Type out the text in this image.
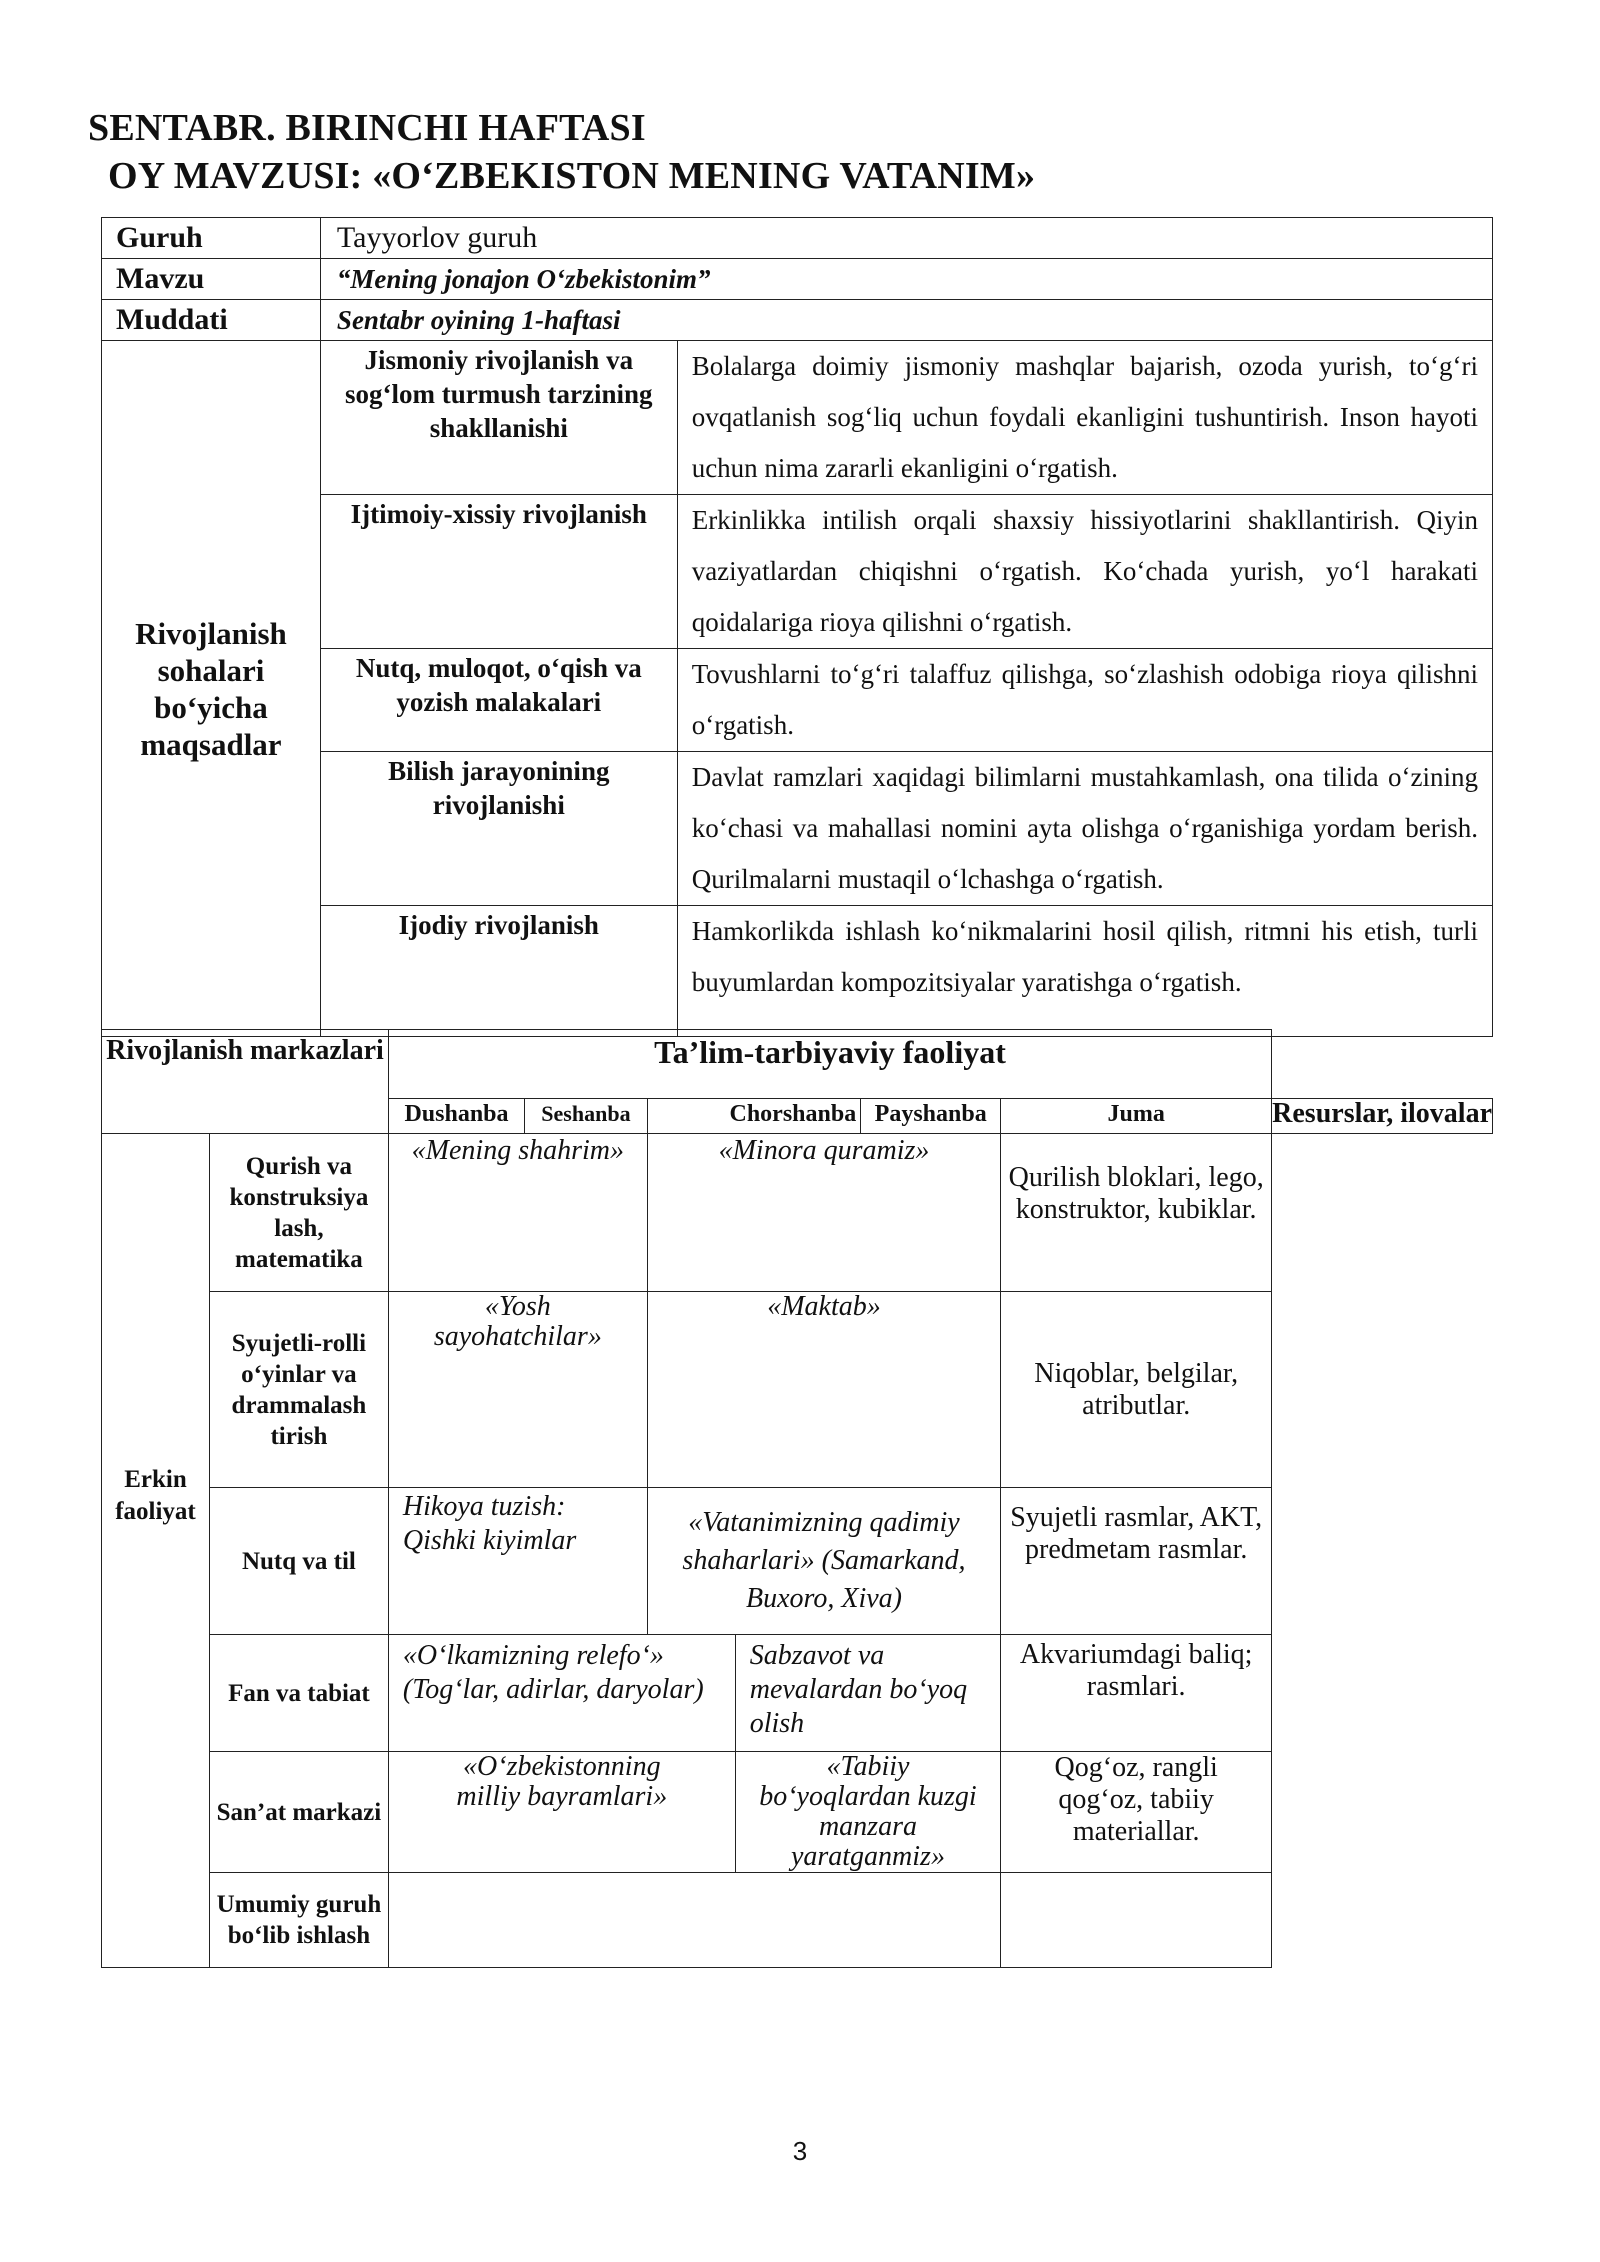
SENTABR. BIRINCHI HAFTASI
OY MAVZUSI: «O‘ZBEKISTON MENING VATANIM»
Guruh	Tayyorlov guruh	
Mavzu	“Mening jonajon O‘zbekistonim”	
Muddati	Sentabr oyining 1-haftasi	
Rivojlanish sohalari bo‘yicha maqsadlar	Jismoniy rivojlanish va sog‘lom turmush tarzining shakllanishi	Bolalarga doimiy jismoniy mashqlar bajarish, ozoda yurish, to‘g‘ri ovqatlanish sog‘liq uchun foydali ekanligini tushuntirish. Inson hayoti uchun nima zararli ekanligini o‘rgatish.
	Ijtimoiy-xissiy rivojlanish	Erkinlikka intilish orqali shaxsiy hissiyotlarini shakllantirish. Qiyin vaziyatlardan chiqishni o‘rgatish. Ko‘chada yurish, yo‘l harakati qoidalariga rioya qilishni o‘rgatish.
	Nutq, muloqot, o‘qish va yozish malakalari	Tovushlarni to‘g‘ri talaffuz qilishga, so‘zlashish odobiga rioya qilishni o‘rgatish.
	Bilish jarayonining rivojlanishi	Davlat ramzlari xaqidagi bilimlarni mustahkamlash, ona tilida o‘zining ko‘chasi va mahallasi nomini ayta olishga o‘rganishiga yordam berish. Qurilmalarni mustaqil o‘lchashga o‘rgatish.
	Ijodiy rivojlanish	Hamkorlikda ishlash ko‘nikmalarini hosil qilish, ritmni his etish, turli buyumlardan kompozitsiyalar yaratishga o‘rgatish.
Rivojlanish markazlari		Ta’lim-tarbiyaviy faoliyat						
		Dushanba	Seshanba	Chorshanba		Payshanba	Juma	Resurslar, ilovalar
Erkin faoliyat	Qurish va konstruksiya lash, matematika	«Mening shahrim»		«Minora quramiz»			Qurilish bloklari, lego, konstruktor, kubiklar.	
	Syujetli-rolli o‘yinlar va drammalash tirish	«Yosh sayohatchilar»		«Maktab»			Niqoblar, belgilar, atributlar.	
	Nutq va til	Hikoya tuzish: Qishki kiyimlar		«Vatanimizning qadimiy shaharlari» (Samarkand, Buxoro, Xiva)			Syujetli rasmlar, AKT, predmetam rasmlar.	
	Fan va tabiat	«O‘lkamizning relefo‘» (Tog‘lar, adirlar, daryolar)			Sabzavot va mevalardan bo‘yoq olish		Akvariumdagi baliq; rasmlari.	
	San’at markazi	«O‘zbekistonning milliy bayramlari»			«Tabiiy bo‘yoqlardan kuzgi manzara yaratganmiz»		Qog‘oz, rangli qog‘oz, tabiiy materiallar.	
	Umumiy guruh bo‘lib ishlash							
3
